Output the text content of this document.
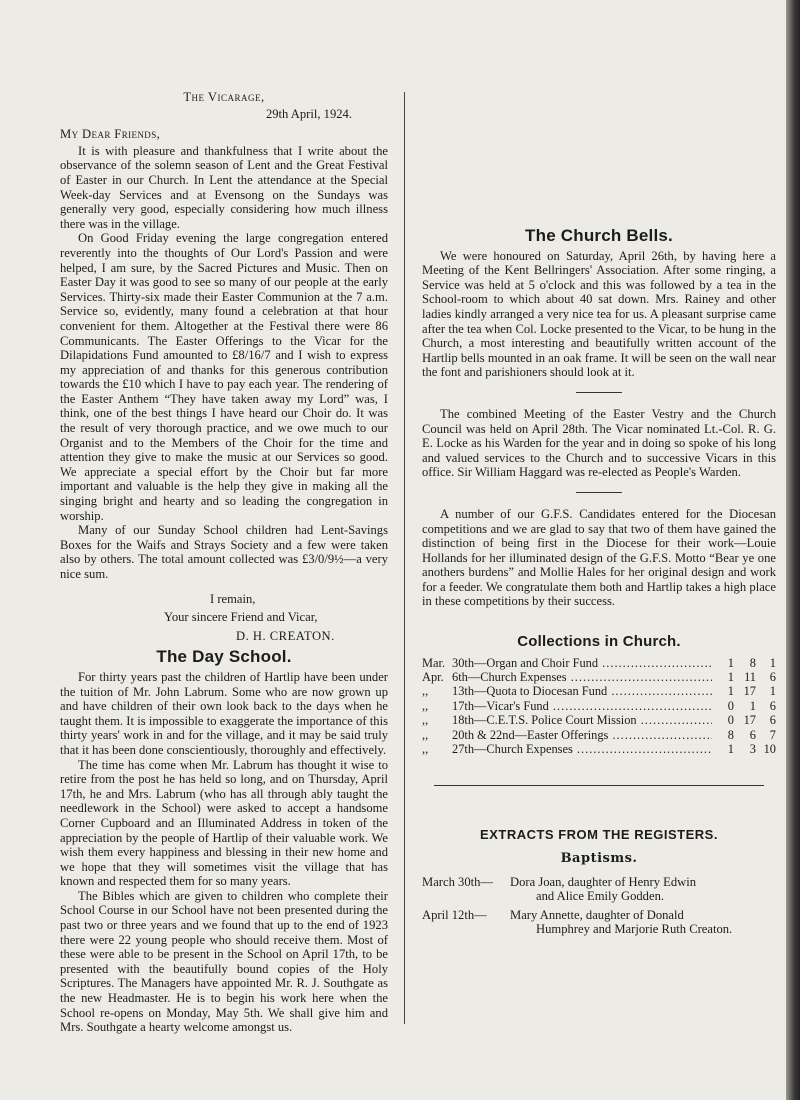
The Vicarage,
29th April, 1924.
My Dear Friends,

It is with pleasure and thankfulness that I write about the observance of the solemn season of Lent and the Great Festival of Easter in our Church. In Lent the attendance at the Special Week-day Services and at Evensong on the Sundays was generally very good, especially considering how much illness there was in the village.

On Good Friday evening the large congregation entered reverently into the thoughts of Our Lord's Passion and were helped, I am sure, by the Sacred Pictures and Music. Then on Easter Day it was good to see so many of our people at the early Services. Thirty-six made their Easter Communion at the 7 a.m. Service so, evidently, many found a celebration at that hour convenient for them. Altogether at the Festival there were 86 Communicants. The Easter Offerings to the Vicar for the Dilapidations Fund amounted to £8/16/7 and I wish to express my appreciation of and thanks for this generous contribution towards the £10 which I have to pay each year. The rendering of the Easter Anthem “They have taken away my Lord” was, I think, one of the best things I have heard our Choir do. It was the result of very thorough practice, and we owe much to our Organist and to the Members of the Choir for the time and attention they give to make the music at our Services so good. We appreciate a special effort by the Choir but far more important and valuable is the help they give in making all the singing bright and hearty and so leading the congregation in worship.

Many of our Sunday School children had Lent-Savings Boxes for the Waifs and Strays Society and a few were taken also by others. The total amount collected was £3/0/9½—a very nice sum.

I remain,
Your sincere Friend and Vicar,
D. H. CREATON.
The Day School.

For thirty years past the children of Hartlip have been under the tuition of Mr. John Labrum. Some who are now grown up and have children of their own look back to the days when he taught them. It is impossible to exaggerate the importance of this thirty years' work in and for the village, and it may be said truly that it has been done conscientiously, thoroughly and effectively.

The time has come when Mr. Labrum has thought it wise to retire from the post he has held so long, and on Thursday, April 17th, he and Mrs. Labrum (who has all through ably taught the needlework in the School) were asked to accept a handsome Corner Cupboard and an Illuminated Address in token of the appreciation by the people of Hartlip of their valuable work. We wish them every happiness and blessing in their new home and we hope that they will sometimes visit the village that has known and respected them for so many years.

The Bibles which are given to children who complete their School Course in our School have not been presented during the past two or three years and we found that up to the end of 1923 there were 22 young people who should receive them. Most of these were able to be present in the School on April 17th, to be presented with the beautifully bound copies of the Holy Scriptures. The Managers have appointed Mr. R. J. Southgate as the new Headmaster. He is to begin his work here when the School re-opens on Monday, May 5th. We shall give him and Mrs. Southgate a hearty welcome amongst us.

The Church Bells.

We were honoured on Saturday, April 26th, by having here a Meeting of the Kent Bellringers' Association. After some ringing, a Service was held at 5 o'clock and this was followed by a tea in the School-room to which about 40 sat down. Mrs. Rainey and other ladies kindly arranged a very nice tea for us. A pleasant surprise came after the tea when Col. Locke presented to the Vicar, to be hung in the Church, a most interesting and beautifully written account of the Hartlip bells mounted in an oak frame. It will be seen on the wall near the font and parishioners should look at it.

The combined Meeting of the Easter Vestry and the Church Council was held on April 28th. The Vicar nominated Lt.-Col. R. G. E. Locke as his Warden for the year and in doing so spoke of his long and valued services to the Church and to successive Vicars in this office. Sir William Haggard was re-elected as People's Warden.

A number of our G.F.S. Candidates entered for the Diocesan competitions and we are glad to say that two of them have gained the distinction of being first in the Diocese for their work—Louie Hollands for her illuminated design of the G.F.S. Motto “Bear ye one anothers burdens” and Mollie Hales for her original design and work for a feeder. We congratulate them both and Hartlip takes a high place in these competitions by their success.

Collections in Church.
Mar. 30th—Organ and Choir Fund .....	1	8	1
Apr. 6th—Church Expenses .....	1 11	6
,,	13th—Quota to Diocesan Fund .....	1 17	1
,,	17th—Vicar's Fund .....	0	1	6
,,	18th—C.E.T.S. Police Court Mission .....	0 17	6
,,	20th & 22nd—Easter Offerings .....	8	6	7
,,	27th—Church Expenses .....	1	3 10
EXTRACTS FROM THE REGISTERS.
Baptisms.
March 30th—	Dora Joan, daughter of Henry Edwin
and Alice Emily Godden.
April 12th—	Mary Annette, daughter of Donald
Humphrey and Marjorie Ruth Creaton.
